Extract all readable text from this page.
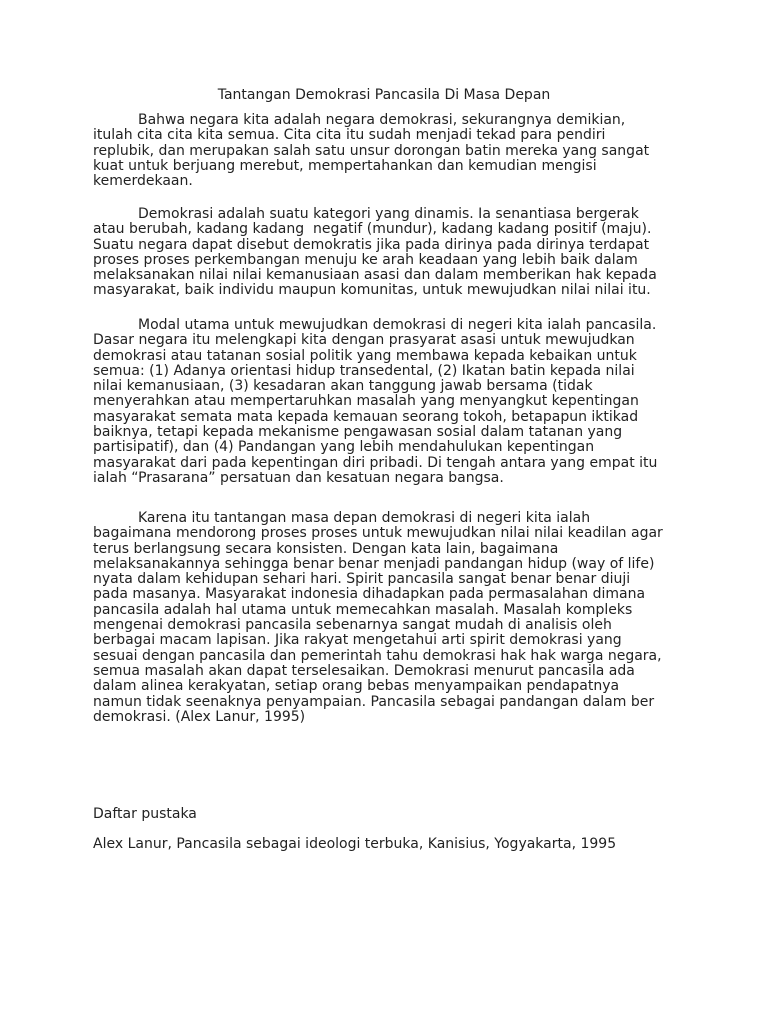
Tantangan Demokrasi Pancasila Di Masa Depan

Bahwa negara kita adalah negara demokrasi, sekurangnya demikian,
itulah cita cita kita semua. Cita cita itu sudah menjadi tekad para pendiri
replubik, dan merupakan salah satu unsur dorongan batin mereka yang sangat
kuat untuk berjuang merebut, mempertahankan dan kemudian mengisi
kemerdekaan.

Demokrasi adalah suatu kategori yang dinamis. Ia senantiasa bergerak
atau berubah, kadang kadang  negatif (mundur), kadang kadang positif (maju).
Suatu negara dapat disebut demokratis jika pada dirinya pada dirinya terdapat
proses proses perkembangan menuju ke arah keadaan yang lebih baik dalam
melaksanakan nilai nilai kemanusiaan asasi dan dalam memberikan hak kepada
masyarakat, baik individu maupun komunitas, untuk mewujudkan nilai nilai itu.

Modal utama untuk mewujudkan demokrasi di negeri kita ialah pancasila.
Dasar negara itu melengkapi kita dengan prasyarat asasi untuk mewujudkan
demokrasi atau tatanan sosial politik yang membawa kepada kebaikan untuk
semua: (1) Adanya orientasi hidup transedental, (2) Ikatan batin kepada nilai
nilai kemanusiaan, (3) kesadaran akan tanggung jawab bersama (tidak
menyerahkan atau mempertaruhkan masalah yang menyangkut kepentingan
masyarakat semata mata kepada kemauan seorang tokoh, betapapun iktikad
baiknya, tetapi kepada mekanisme pengawasan sosial dalam tatanan yang
partisipatif), dan (4) Pandangan yang lebih mendahulukan kepentingan
masyarakat dari pada kepentingan diri pribadi. Di tengah antara yang empat itu
ialah “Prasarana” persatuan dan kesatuan negara bangsa.

Karena itu tantangan masa depan demokrasi di negeri kita ialah
bagaimana mendorong proses proses untuk mewujudkan nilai nilai keadilan agar
terus berlangsung secara konsisten. Dengan kata lain, bagaimana
melaksanakannya sehingga benar benar menjadi pandangan hidup (way of life)
nyata dalam kehidupan sehari hari. Spirit pancasila sangat benar benar diuji
pada masanya. Masyarakat indonesia dihadapkan pada permasalahan dimana
pancasila adalah hal utama untuk memecahkan masalah. Masalah kompleks
mengenai demokrasi pancasila sebenarnya sangat mudah di analisis oleh
berbagai macam lapisan. Jika rakyat mengetahui arti spirit demokrasi yang
sesuai dengan pancasila dan pemerintah tahu demokrasi hak hak warga negara,
semua masalah akan dapat terselesaikan. Demokrasi menurut pancasila ada
dalam alinea kerakyatan, setiap orang bebas menyampaikan pendapatnya
namun tidak seenaknya penyampaian. Pancasila sebagai pandangan dalam ber
demokrasi. (Alex Lanur, 1995)

Daftar pustaka
Alex Lanur, Pancasila sebagai ideologi terbuka, Kanisius, Yogyakarta, 1995
